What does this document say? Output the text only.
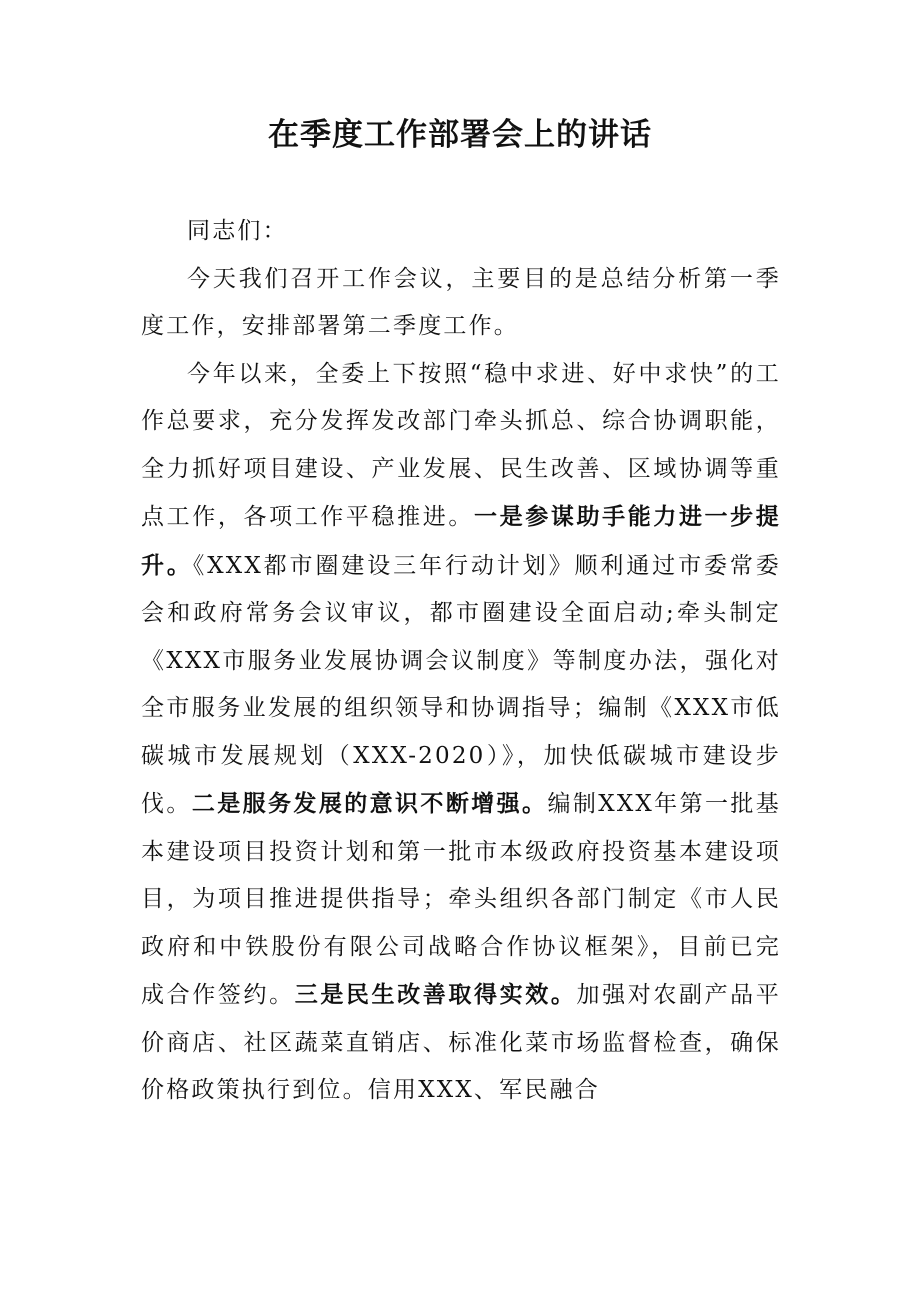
在季度工作部署会上的讲话

同志们：

今天我们召开工作会议，主要目的是总结分析第一季度工作，安排部署第二季度工作。

今年以来，全委上下按照“稳中求进、好中求快”的工作总要求，充分发挥发改部门牵头抓总、综合协调职能，全力抓好项目建设、产业发展、民生改善、区域协调等重点工作，各项工作平稳推进。一是参谋助手能力进一步提升。《XXX都市圈建设三年行动计划》顺利通过市委常委会和政府常务会议审议，都市圈建设全面启动;牵头制定《XXX市服务业发展协调会议制度》等制度办法，强化对全市服务业发展的组织领导和协调指导；编制《XXX市低碳城市发展规划（XXX-2020）》，加快低碳城市建设步伐。二是服务发展的意识不断增强。编制XXX年第一批基本建设项目投资计划和第一批市本级政府投资基本建设项目，为项目推进提供指导；牵头组织各部门制定《市人民政府和中铁股份有限公司战略合作协议框架》，目前已完成合作签约。三是民生改善取得实效。加强对农副产品平价商店、社区蔬菜直销店、标准化菜市场监督检查，确保价格政策执行到位。信用XXX、军民融合
